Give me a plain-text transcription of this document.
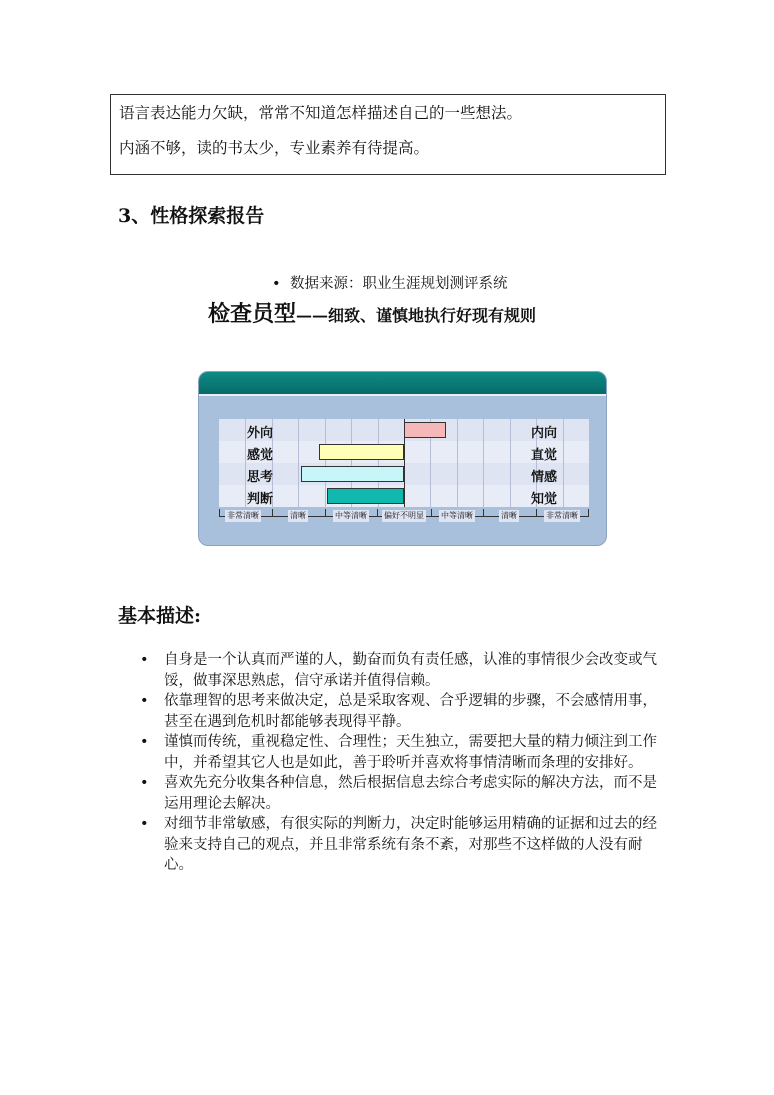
语言表达能力欠缺，常常不知道怎样描述自己的一些想法。

内涵不够，读的书太少，专业素养有待提高。

3、性格探索报告
• 数据来源：职业生涯规划测评系统
检查员型——细致、谨慎地执行好现有规则
外向	内向
感觉	直觉
思考	情感
判断	知觉
非常清晰	清晰	中等清晰 偏好不明显 中等清晰	清晰	非常清晰
基本描述:
• 自身是一个认真而严谨的人，勤奋而负有责任感，认准的事情很少会改变或气馁，做事深思熟虑，信守承诺并值得信赖。
• 依靠理智的思考来做决定，总是采取客观、合乎逻辑的步骤，不会感情用事，甚至在遇到危机时都能够表现得平静。
• 谨慎而传统，重视稳定性、合理性；天生独立，需要把大量的精力倾注到工作中，并希望其它人也是如此，善于聆听并喜欢将事情清晰而条理的安排好。
• 喜欢先充分收集各种信息，然后根据信息去综合考虑实际的解决方法，而不是运用理论去解决。
• 对细节非常敏感，有很实际的判断力，决定时能够运用精确的证据和过去的经验来支持自己的观点，并且非常系统有条不紊，对那些不这样做的人没有耐心。
